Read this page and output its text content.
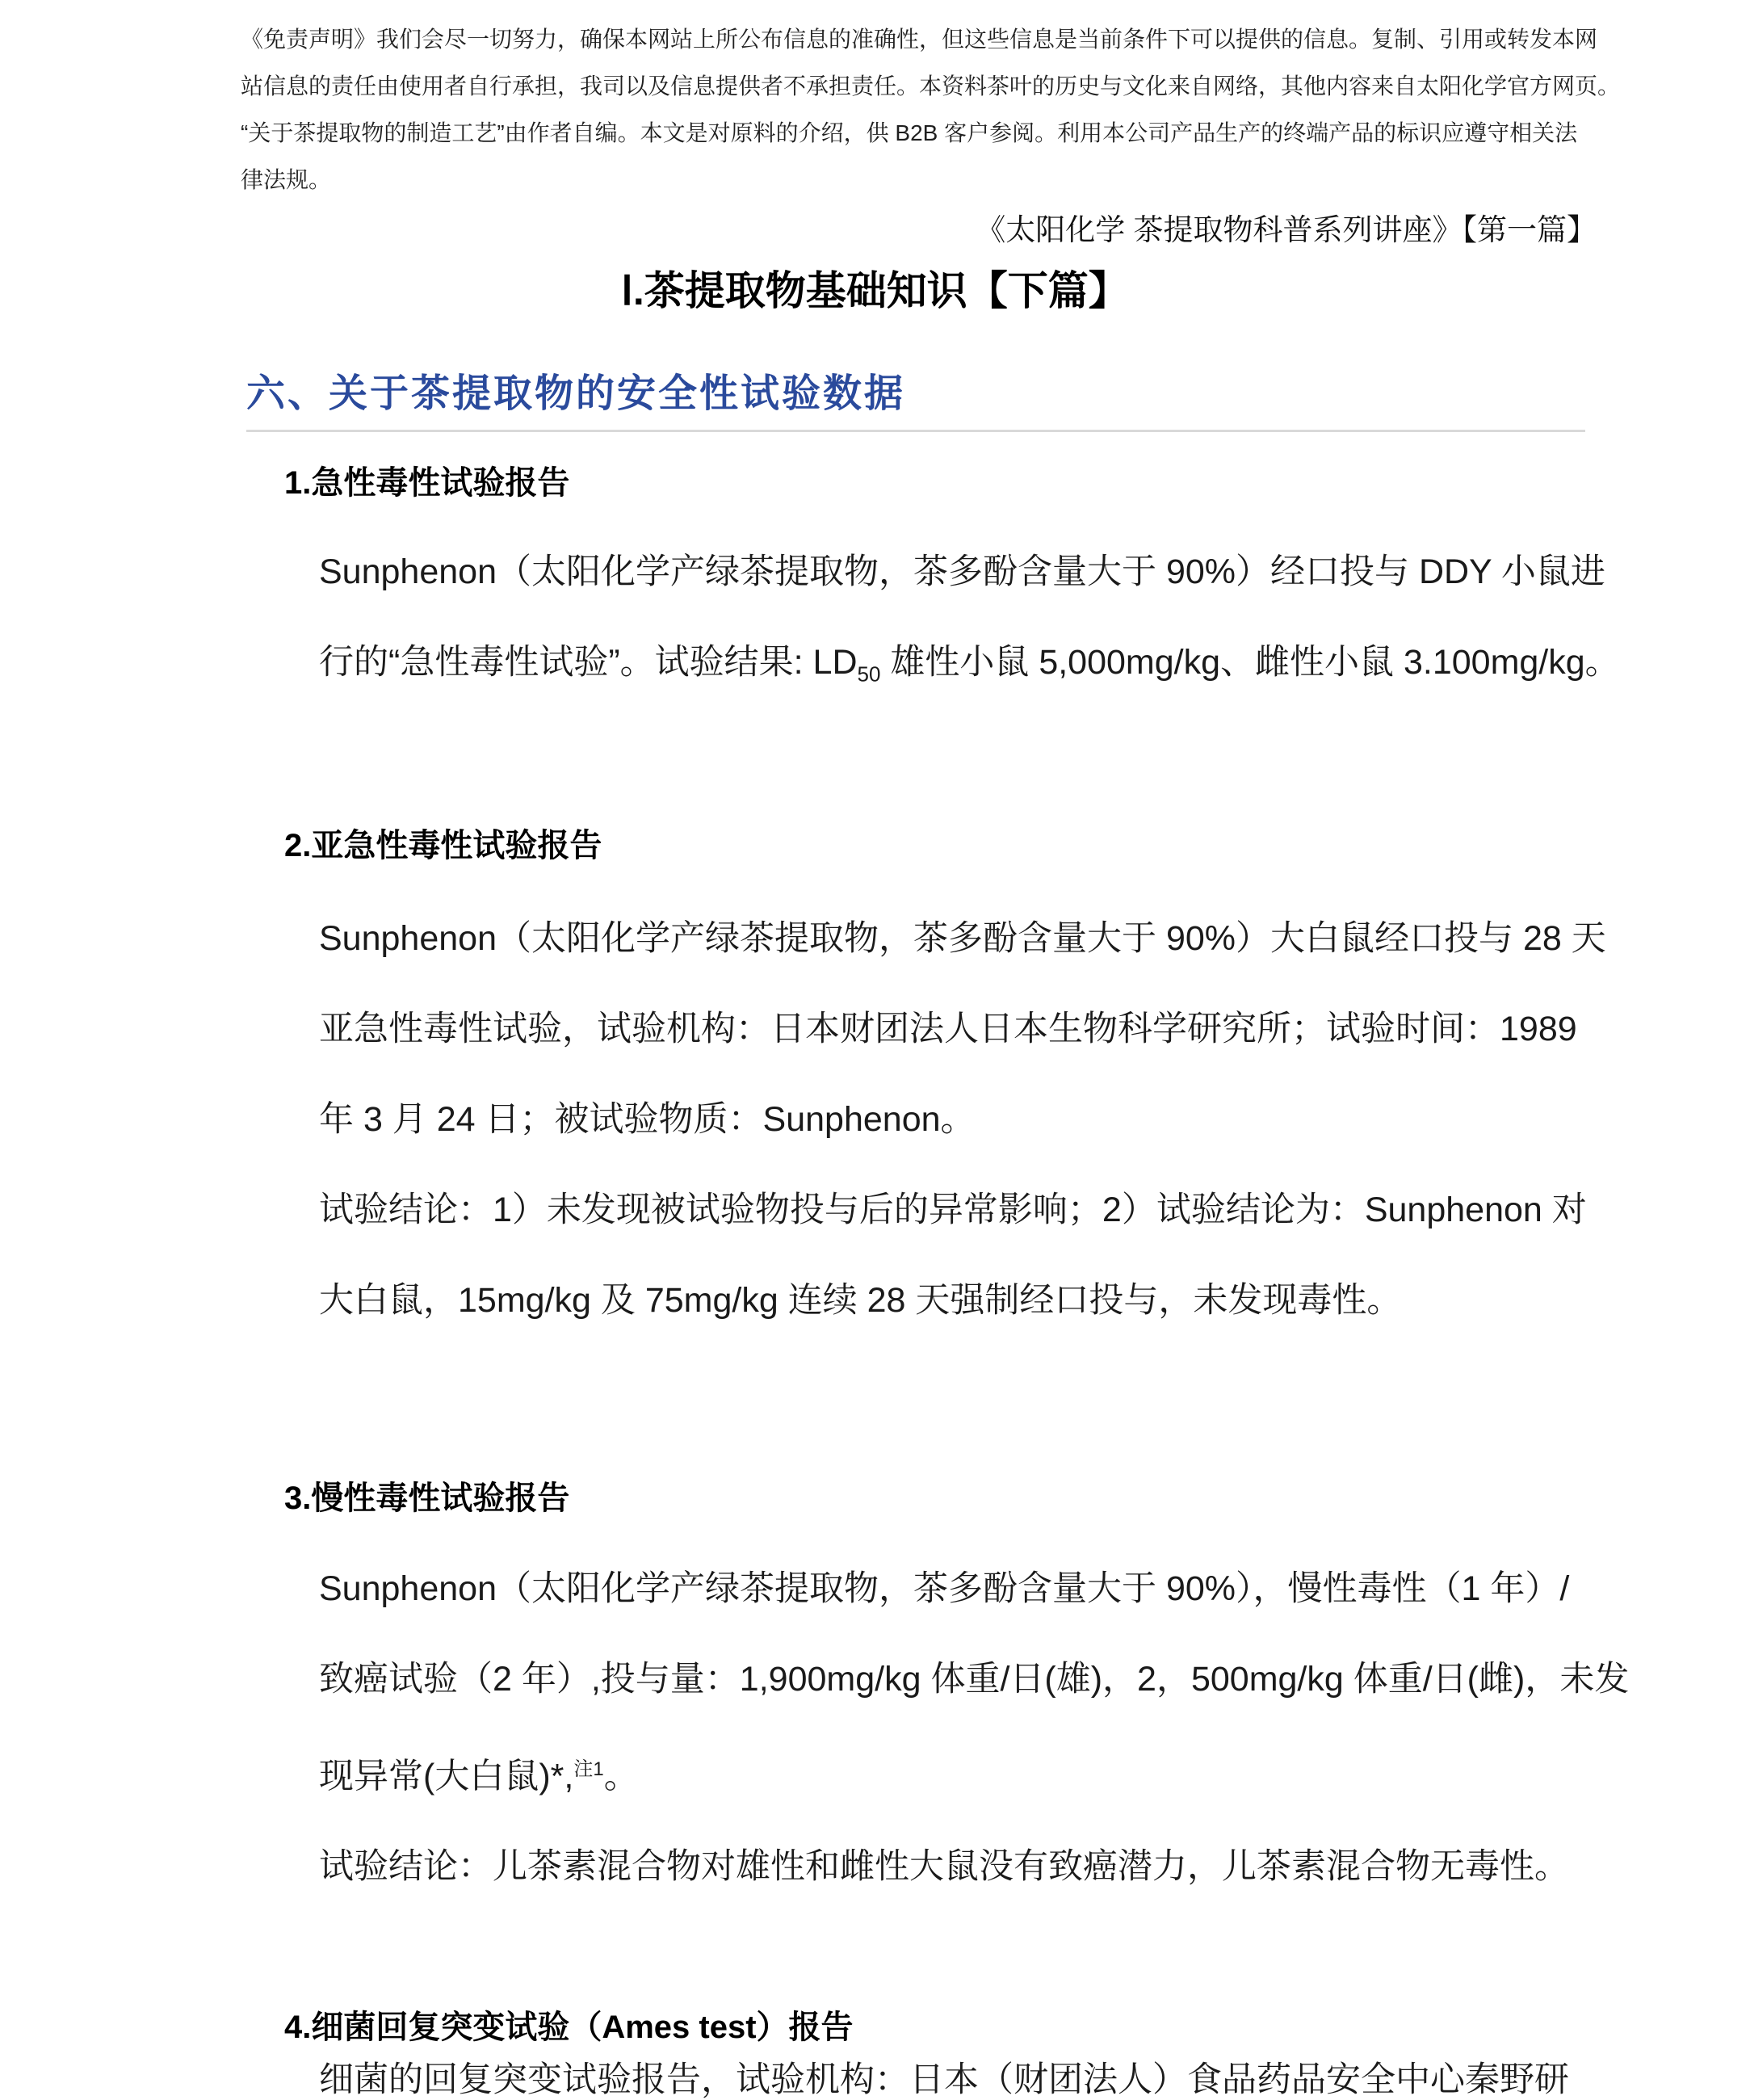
《免责声明》我们会尽一切努力，确保本网站上所公布信息的准确性，但这些信息是当前条件下可以提供的信息。复制、引用或转发本网
站信息的责任由使用者自行承担，我司以及信息提供者不承担责任。本资料茶叶的历史与文化来自网络，其他内容来自太阳化学官方网页。
“关于茶提取物的制造工艺”由作者自编。本文是对原料的介绍，供 B2B 客户参阅。利用本公司产品生产的终端产品的标识应遵守相关法
律法规。
《太阳化学 茶提取物科普系列讲座》【第一篇】
Ⅰ.茶提取物基础知识【下篇】
六、关于茶提取物的安全性试验数据
1.急性毒性试验报告
Sunphenon（太阳化学产绿茶提取物，茶多酚含量大于 90%）经口投与 DDY 小鼠进
行的“急性毒性试验”。试验结果: $LD_{50}$ 雄性小鼠 5,000mg/kg、雌性小鼠 3.100mg/kg。
2.亚急性毒性试验报告
Sunphenon（太阳化学产绿茶提取物，茶多酚含量大于 90%）大白鼠经口投与 28 天
亚急性毒性试验，试验机构：日本财团法人日本生物科学研究所；试验时间：1989
年 3 月 24 日；被试验物质：Sunphenon。
试验结论：1）未发现被试验物投与后的异常影响；2）试验结论为：Sunphenon 对
大白鼠，15mg/kg 及 75mg/kg 连续 28 天强制经口投与，未发现毒性。
3.慢性毒性试验报告
Sunphenon（太阳化学产绿茶提取物，茶多酚含量大于 90%），慢性毒性（1 年）/
致癌试验（2 年）,投与量：1,900mg/kg 体重/日(雄)，2，500mg/kg 体重/日(雌)，未发
现异常(大白鼠)*,$^{注1}$。
试验结论：儿茶素混合物对雄性和雌性大鼠没有致癌潜力，儿茶素混合物无毒性。
4.细菌回复突变试验（Ames test）报告
细菌的回复突变试验报告，试验机构：日本（财团法人）食品药品安全中心秦野研
